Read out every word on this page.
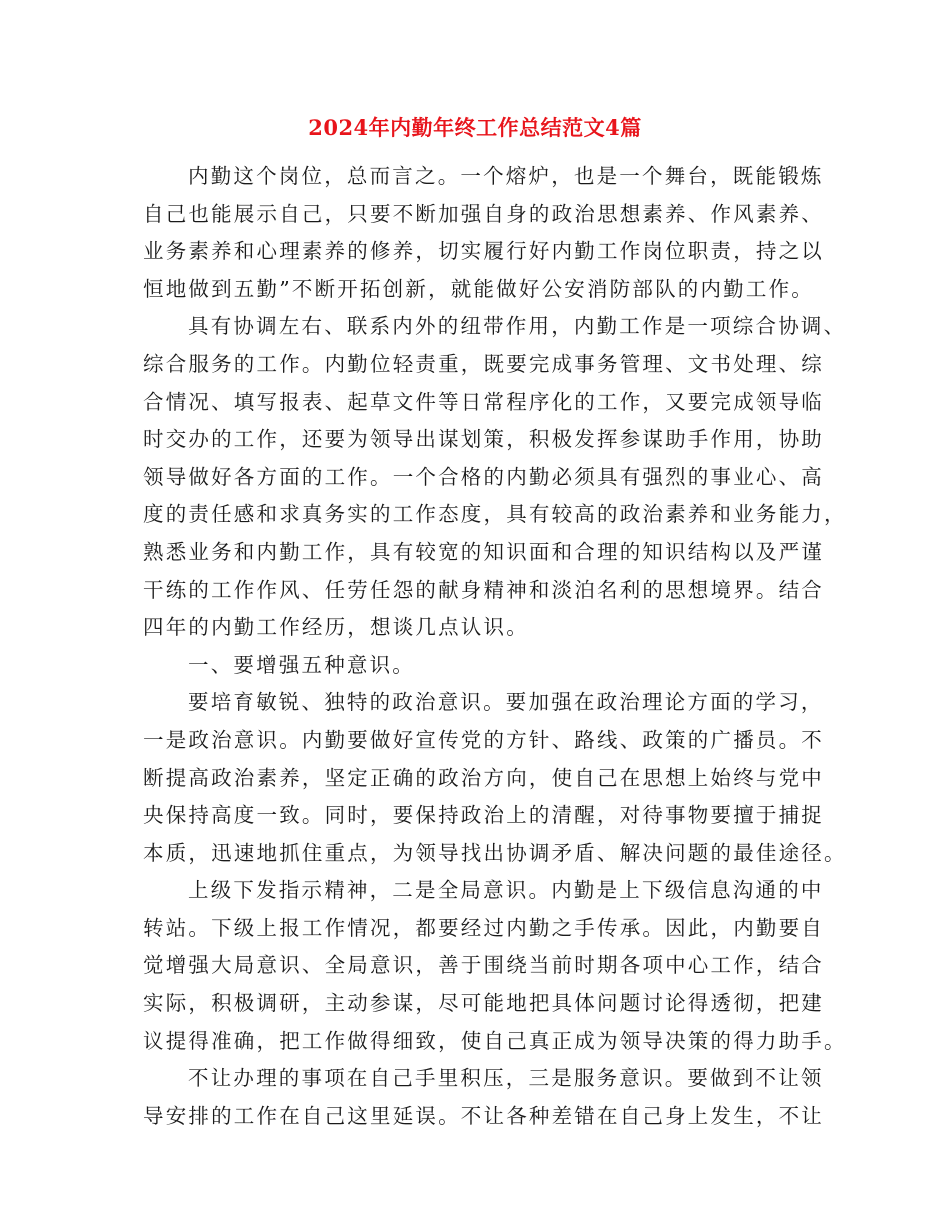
2024年内勤年终工作总结范文4篇
内勤这个岗位，总而言之。一个熔炉，也是一个舞台，既能锻炼
自己也能展示自己，只要不断加强自身的政治思想素养、作风素养、
业务素养和心理素养的修养，切实履行好内勤工作岗位职责，持之以
恒地做到五勤”不断开拓创新，就能做好公安消防部队的内勤工作。
具有协调左右、联系内外的纽带作用，内勤工作是一项综合协调、
综合服务的工作。内勤位轻责重，既要完成事务管理、文书处理、综
合情况、填写报表、起草文件等日常程序化的工作，又要完成领导临
时交办的工作，还要为领导出谋划策，积极发挥参谋助手作用，协助
领导做好各方面的工作。一个合格的内勤必须具有强烈的事业心、高
度的责任感和求真务实的工作态度，具有较高的政治素养和业务能力，
熟悉业务和内勤工作，具有较宽的知识面和合理的知识结构以及严谨
干练的工作作风、任劳任怨的献身精神和淡泊名利的思想境界。结合
四年的内勤工作经历，想谈几点认识。
一、要增强五种意识。
要培育敏锐、独特的政治意识。要加强在政治理论方面的学习，
一是政治意识。内勤要做好宣传党的方针、路线、政策的广播员。不
断提高政治素养，坚定正确的政治方向，使自己在思想上始终与党中
央保持高度一致。同时，要保持政治上的清醒，对待事物要擅于捕捉
本质，迅速地抓住重点，为领导找出协调矛盾、解决问题的最佳途径。
上级下发指示精神，二是全局意识。内勤是上下级信息沟通的中
转站。下级上报工作情况，都要经过内勤之手传承。因此，内勤要自
觉增强大局意识、全局意识，善于围绕当前时期各项中心工作，结合
实际，积极调研，主动参谋，尽可能地把具体问题讨论得透彻，把建
议提得准确，把工作做得细致，使自己真正成为领导决策的得力助手。
不让办理的事项在自己手里积压，三是服务意识。要做到不让领
导安排的工作在自己这里延误。不让各种差错在自己身上发生，不让
